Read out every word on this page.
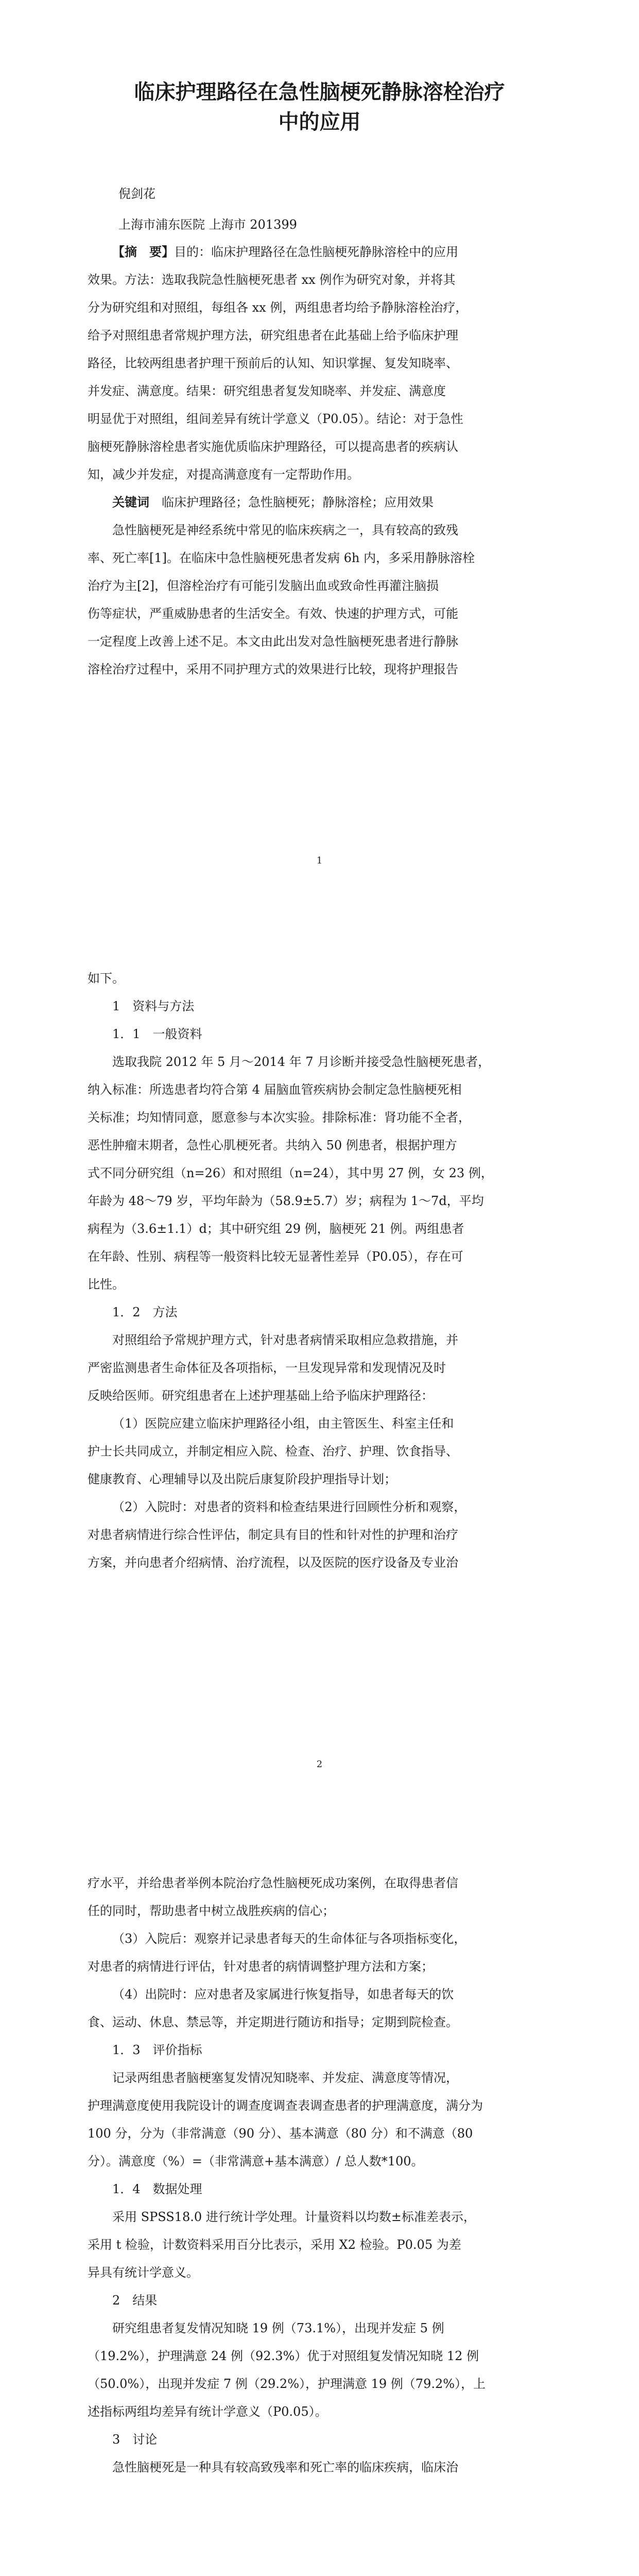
临床护理路径在急性脑梗死静脉溶栓治疗
中的应用
倪剑花
上海市浦东医院 上海市 201399
【摘　要】目的：临床护理路径在急性脑梗死静脉溶栓中的应用
效果。方法：选取我院急性脑梗死患者 xx 例作为研究对象，并将其
分为研究组和对照组，每组各 xx 例，两组患者均给予静脉溶栓治疗，
给予对照组患者常规护理方法，研究组患者在此基础上给予临床护理
路径，比较两组患者护理干预前后的认知、知识掌握、复发知晓率、
并发症、满意度。结果：研究组患者复发知晓率、并发症、满意度
明显优于对照组，组间差异有统计学意义（P0.05）。结论：对于急性
脑梗死静脉溶栓患者实施优质临床护理路径，可以提高患者的疾病认
知，减少并发症，对提高满意度有一定帮助作用。
关键词　 临床护理路径；急性脑梗死；静脉溶栓；应用效果
急性脑梗死是神经系统中常见的临床疾病之一，具有较高的致残
率、死亡率[1]。在临床中急性脑梗死患者发病 6h 内，多采用静脉溶栓
治疗为主[2]，但溶栓治疗有可能引发脑出血或致命性再灌注脑损
伤等症状，严重威胁患者的生活安全。有效、快速的护理方式，可能
一定程度上改善上述不足。本文由此出发对急性脑梗死患者进行静脉
溶栓治疗过程中，采用不同护理方式的效果进行比较，现将护理报告
1
如下。
1　资料与方法
1．1　一般资料
选取我院 2012 年 5 月～2014 年 7 月诊断并接受急性脑梗死患者，
纳入标准：所选患者均符合第 4 届脑血管疾病协会制定急性脑梗死相
关标准；均知情同意，愿意参与本次实验。排除标准：肾功能不全者，
恶性肿瘤末期者，急性心肌梗死者。共纳入 50 例患者，根据护理方
式不同分研究组（n=26）和对照组（n=24），其中男 27 例，女 23 例，
年龄为 48～79 岁，平均年龄为（58.9±5.7）岁；病程为 1～7d，平均
病程为（3.6±1.1）d；其中研究组 29 例，脑梗死 21 例。两组患者
在年龄、性别、病程等一般资料比较无显著性差异（P0.05），存在可
比性。
1．2　方法
对照组给予常规护理方式，针对患者病情采取相应急救措施，并
严密监测患者生命体征及各项指标，一旦发现异常和发现情况及时
反映给医师。研究组患者在上述护理基础上给予临床护理路径：
（1）医院应建立临床护理路径小组，由主管医生、科室主任和
护士长共同成立，并制定相应入院、检查、治疗、护理、饮食指导、
健康教育、心理辅导以及出院后康复阶段护理指导计划；
（2）入院时：对患者的资料和检查结果进行回顾性分析和观察，
对患者病情进行综合性评估，制定具有目的性和针对性的护理和治疗
方案，并向患者介绍病情、治疗流程，以及医院的医疗设备及专业治
2
疗水平，并给患者举例本院治疗急性脑梗死成功案例，在取得患者信
任的同时，帮助患者中树立战胜疾病的信心；
（3）入院后：观察并记录患者每天的生命体征与各项指标变化，
对患者的病情进行评估，针对患者的病情调整护理方法和方案；
（4）出院时：应对患者及家属进行恢复指导，如患者每天的饮
食、运动、休息、禁忌等，并定期进行随访和指导；定期到院检查。
1．3　评价指标
记录两组患者脑梗塞复发情况知晓率、并发症、满意度等情况，
护理满意度使用我院设计的调查度调查表调查患者的护理满意度，满分为
100 分，分为（非常满意（90 分）、基本满意（80 分）和不满意（80
分）。满意度（%）=（非常满意+基本满意）/ 总人数*100。
1．4　数据处理
采用 SPSS18.0 进行统计学处理。计量资料以均数±标准差表示，
采用 t 检验，计数资料采用百分比表示，采用 X2 检验。P0.05 为差
异具有统计学意义。
2　结果
研究组患者复发情况知晓 19 例（73.1%），出现并发症 5 例
（19.2%），护理满意 24 例（92.3%）优于对照组复发情况知晓 12 例
（50.0%），出现并发症 7 例（29.2%），护理满意 19 例（79.2%），上
述指标两组均差异有统计学意义（P0.05）。
3　讨论
急性脑梗死是一种具有较高致残率和死亡率的临床疾病，临床治
